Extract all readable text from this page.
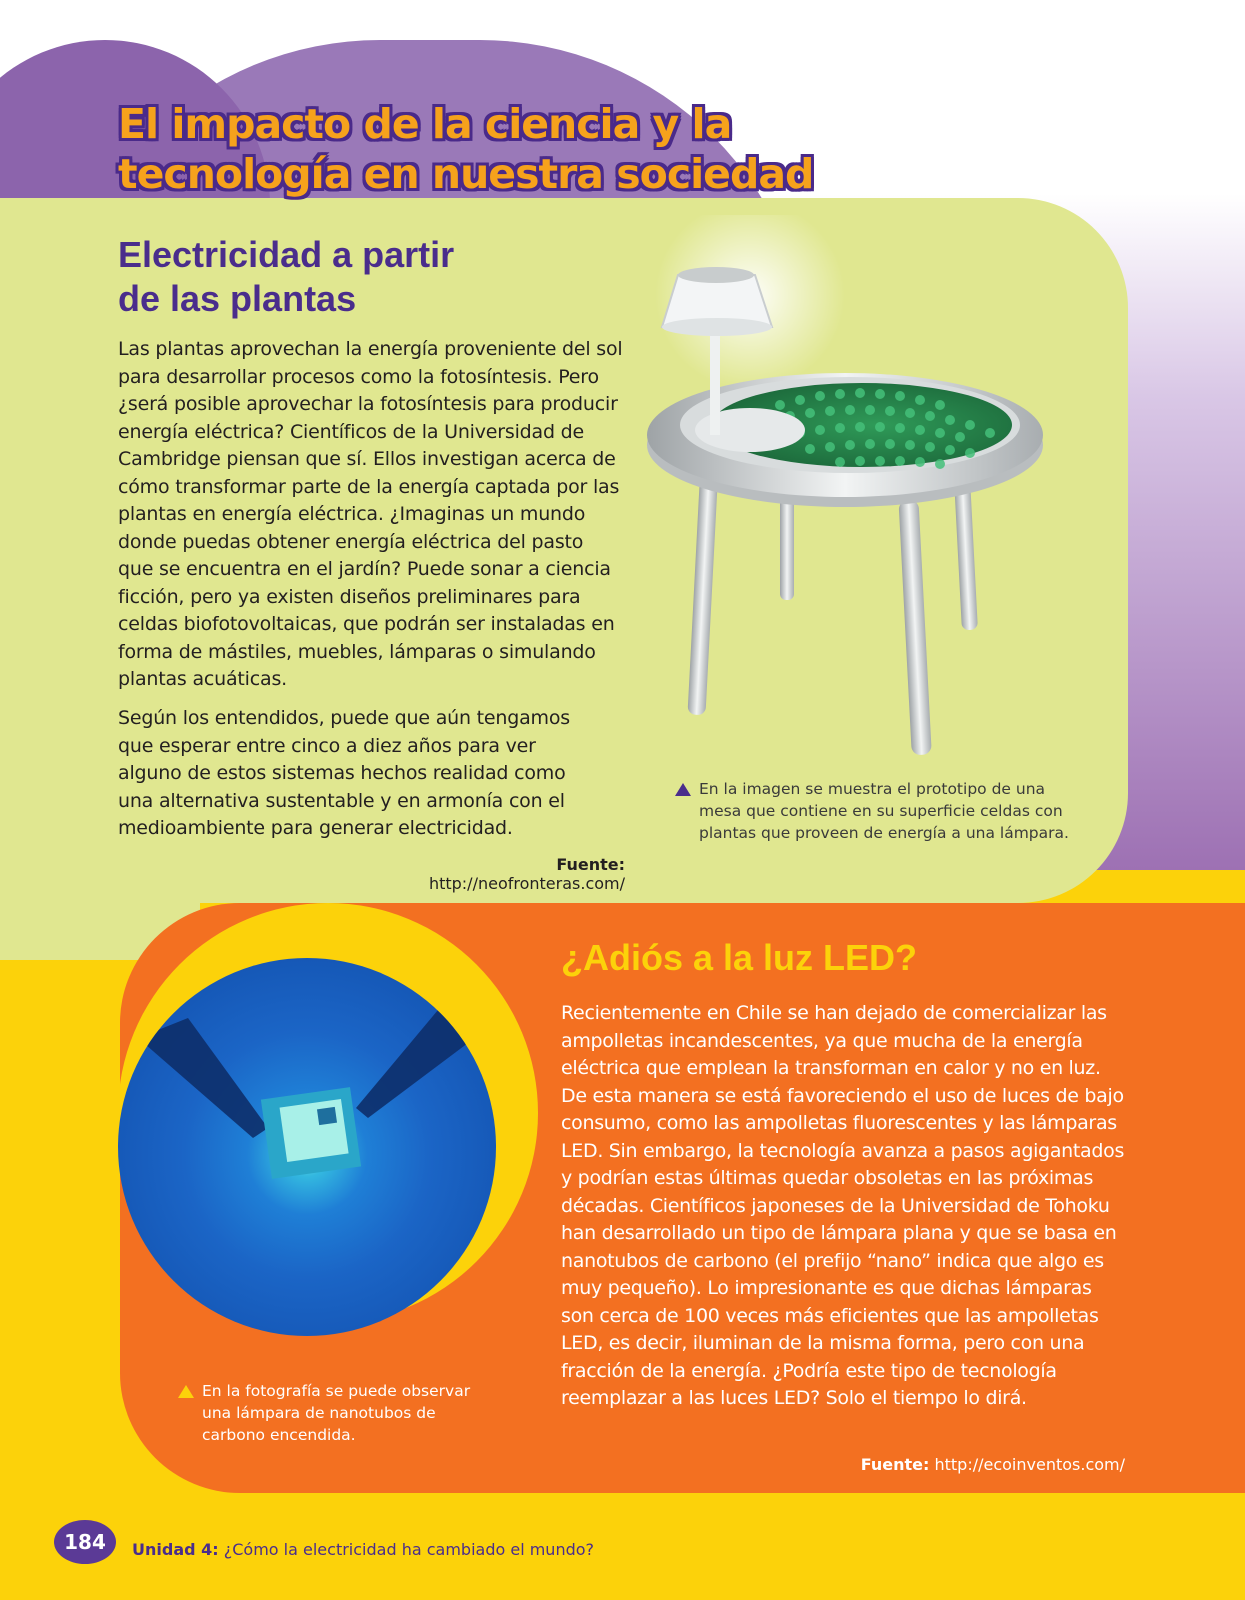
El impacto de la ciencia y la
tecnología en nuestra sociedad
Electricidad a partir
de las plantas
Las plantas aprovechan la energía proveniente del sol para desarrollar procesos como la fotosíntesis. Pero ¿será posible aprovechar la fotosíntesis para producir energía eléctrica? Científicos de la Universidad de Cambridge piensan que sí. Ellos investigan acerca de cómo transformar parte de la energía captada por las plantas en energía eléctrica. ¿Imaginas un mundo donde puedas obtener energía eléctrica del pasto que se encuentra en el jardín? Puede sonar a ciencia ficción, pero ya existen diseños preliminares para celdas biofotovoltaicas, que podrán ser instaladas en forma de mástiles, muebles, lámparas o simulando plantas acuáticas.
Según los entendidos, puede que aún tengamos que esperar entre cinco a diez años para ver alguno de estos sistemas hechos realidad como una alternativa sustentable y en armonía con el medioambiente para generar electricidad.
Fuente: http://neofronteras.com/
En la imagen se muestra el prototipo de una mesa que contiene en su superficie celdas con plantas que proveen de energía a una lámpara.
En la fotografía se puede observar una lámpara de nanotubos de carbono encendida.
¿Adiós a la luz LED?
Recientemente en Chile se han dejado de comercializar las ampolletas incandescentes, ya que mucha de la energía eléctrica que emplean la transforman en calor y no en luz. De esta manera se está favoreciendo el uso de luces de bajo consumo, como las ampolletas fluorescentes y las lámparas LED. Sin embargo, la tecnología avanza a pasos agigantados y podrían estas últimas quedar obsoletas en las próximas décadas. Científicos japoneses de la Universidad de Tohoku han desarrollado un tipo de lámpara plana y que se basa en nanotubos de carbono (el prefijo “nano” indica que algo es muy pequeño). Lo impresionante es que dichas lámparas son cerca de 100 veces más eficientes que las ampolletas LED, es decir, iluminan de la misma forma, pero con una fracción de la energía. ¿Podría este tipo de tecnología reemplazar a las luces LED? Solo el tiempo lo dirá.
Fuente: http://ecoinventos.com/
184	Unidad 4: ¿Cómo la electricidad ha cambiado el mundo?
